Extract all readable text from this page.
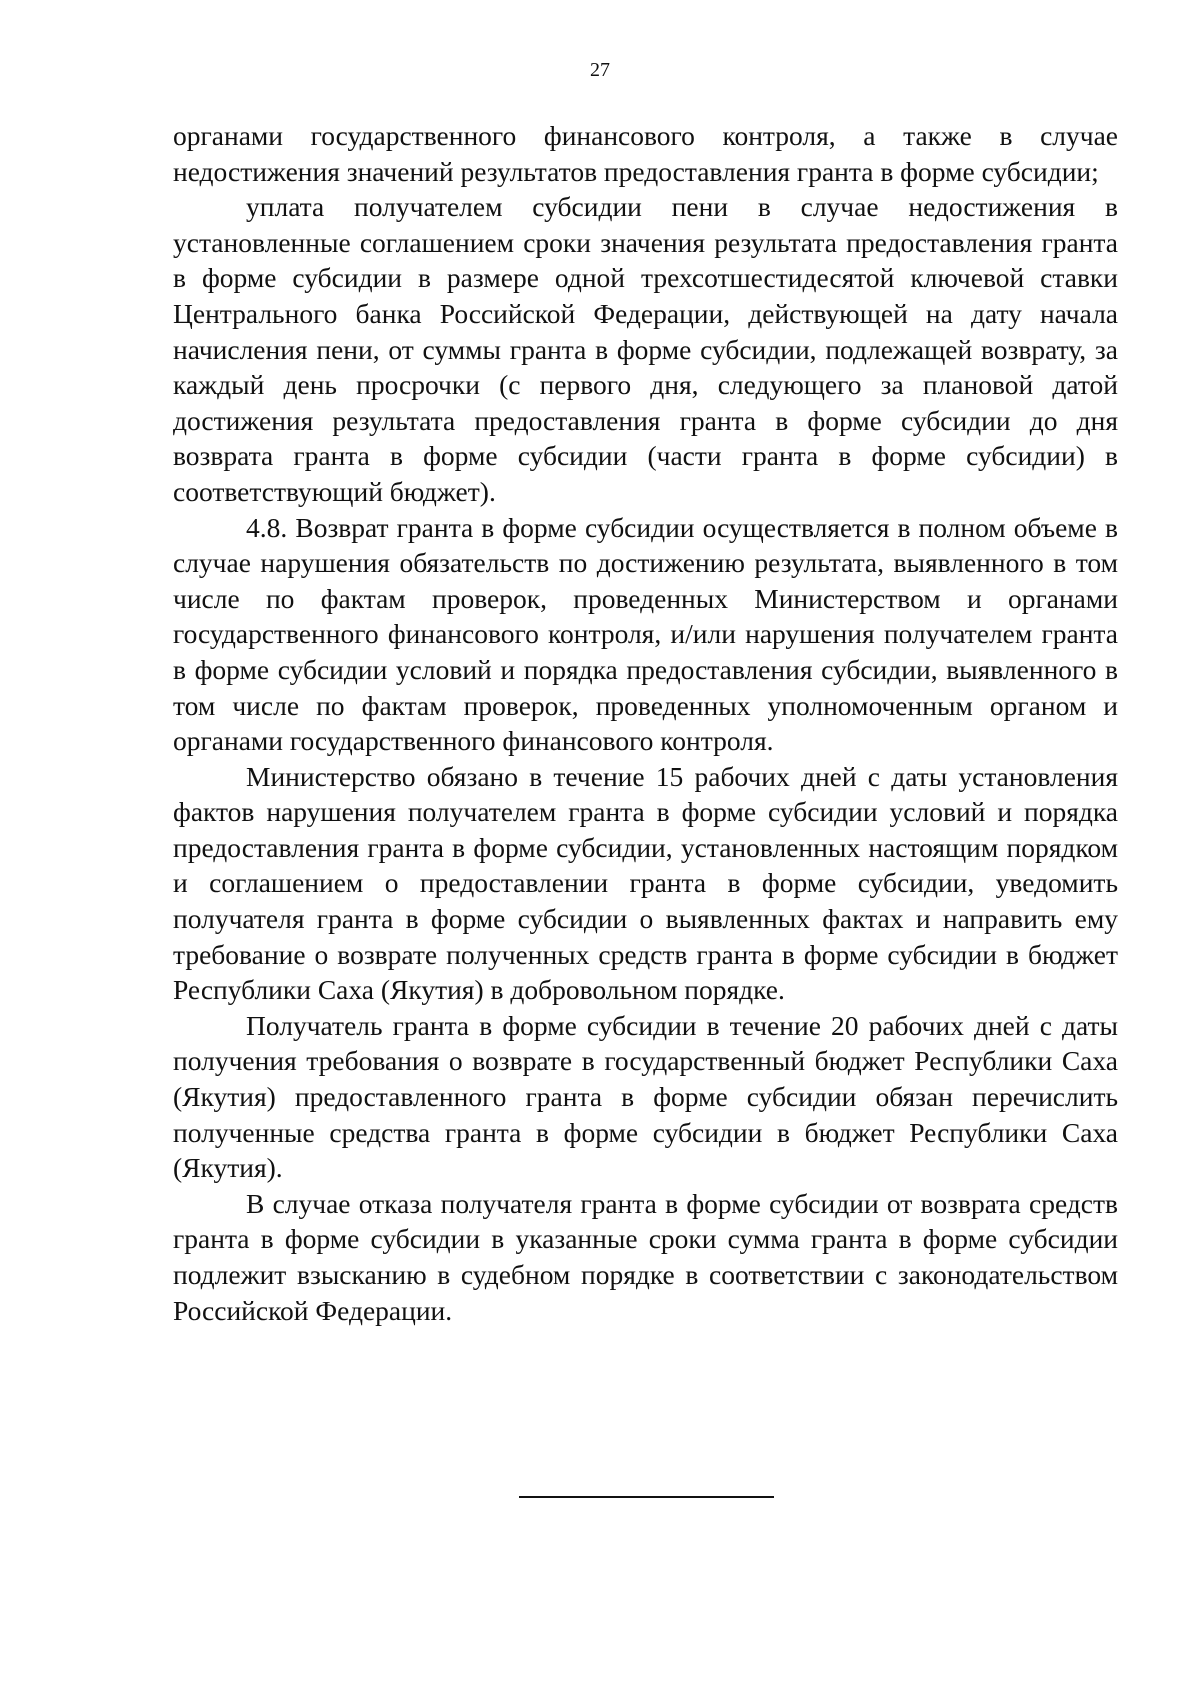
27

органами государственного финансового контроля, а также в случае недостижения значений результатов предоставления гранта в форме субсидии;

уплата получателем субсидии пени в случае недостижения в установленные соглашением сроки значения результата предоставления гранта в форме субсидии в размере одной трехсотшестидесятой ключевой ставки Центрального банка Российской Федерации, действующей на дату начала начисления пени, от суммы гранта в форме субсидии, подлежащей возврату, за каждый день просрочки (с первого дня, следующего за плановой датой достижения результата предоставления гранта в форме субсидии до дня возврата гранта в форме субсидии (части гранта в форме субсидии) в соответствующий бюджет).

4.8. Возврат гранта в форме субсидии осуществляется в полном объеме в случае нарушения обязательств по достижению результата, выявленного в том числе по фактам проверок, проведенных Министерством и органами государственного финансового контроля, и/или нарушения получателем гранта в форме субсидии условий и порядка предоставления субсидии, выявленного в том числе по фактам проверок, проведенных уполномоченным органом и органами государственного финансового контроля.

Министерство обязано в течение 15 рабочих дней с даты установления фактов нарушения получателем гранта в форме субсидии условий и порядка предоставления гранта в форме субсидии, установленных настоящим порядком и соглашением о предоставлении гранта в форме субсидии, уведомить получателя гранта в форме субсидии о выявленных фактах и направить ему требование о возврате полученных средств гранта в форме субсидии в бюджет Республики Саха (Якутия) в добровольном порядке.

Получатель гранта в форме субсидии в течение 20 рабочих дней с даты получения требования о возврате в государственный бюджет Республики Саха (Якутия) предоставленного гранта в форме субсидии обязан перечислить полученные средства гранта в форме субсидии в бюджет Республики Саха (Якутия).

В случае отказа получателя гранта в форме субсидии от возврата средств гранта в форме субсидии в указанные сроки сумма гранта в форме субсидии подлежит взысканию в судебном порядке в соответствии с законодательством Российской Федерации.
